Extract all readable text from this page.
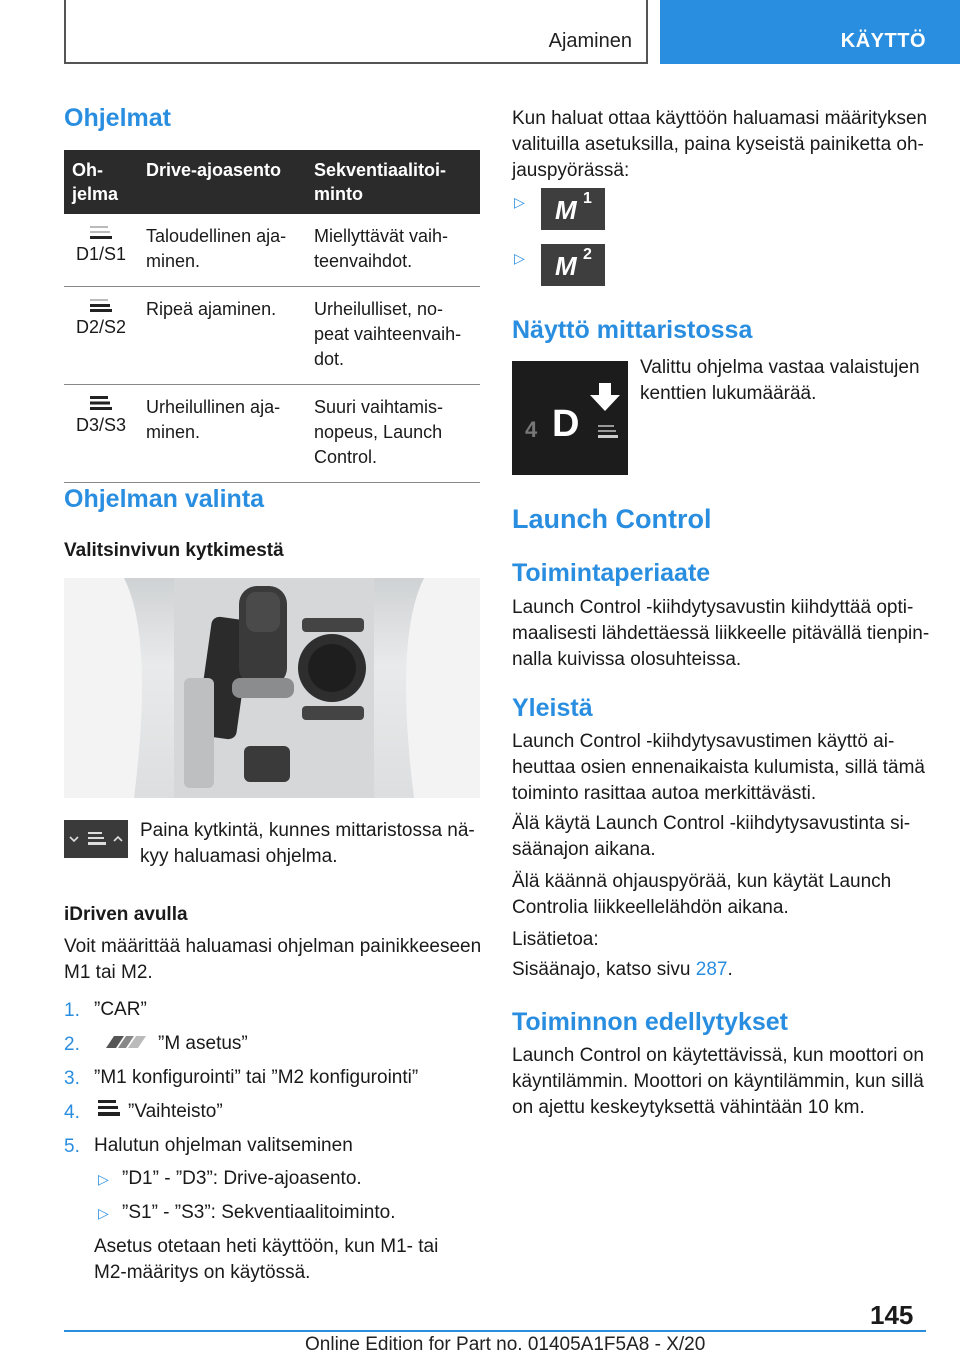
Ajaminen	KÄYTTÖ
Ohjelmat
Oh-
jelma	Drive-ajoasento	Sekventiaalitoi-
minto

D1/S1	Taloudellinen aja-
minen.	Miellyttävät vaih-
teenvaihdot.

D2/S2	Ripeä ajaminen.	Urheilulliset, no-
peat vaihteenvaih-
dot.

D3/S3	Urheilullinen aja-
minen.	Suuri vaihtamis-
nopeus, Launch
Control.
Ohjelman valinta
Valitsinvivun kytkimestä
Paina kytkintä, kunnes mittaristossa nä-
kyy haluamasi ohjelma.
iDriven avulla
Voit määrittää haluamasi ohjelman painikkeeseen
M1 tai M2.
1. ”CAR”
2.	”M asetus”
3. ”M1 konfigurointi” tai ”M2 konfigurointi”
4.	”Vaihteisto”
5. Halutun ohjelman valitseminen
▷ ”D1” - ”D3”: Drive-ajoasento.
▷ ”S1” - ”S3”: Sekventiaalitoiminto.
Asetus otetaan heti käyttöön, kun M1- tai
M2-määritys on käytössä.
Kun haluat ottaa käyttöön haluamasi määrityksen
valituilla asetuksilla, paina kyseistä painiketta oh-
jauspyörässä:
▷ M 1
▷ M 2
Näyttö mittaristossa
4 D
Valittu ohjelma vastaa valaistujen
kenttien lukumäärää.
Launch Control
Toimintaperiaate
Launch Control -kiihdytysavustin kiihdyttää opti-
maalisesti lähdettäessä liikkeelle pitävällä tienpin-
nalla kuivissa olosuhteissa.
Yleistä
Launch Control -kiihdytysavustimen käyttö ai-
heuttaa osien ennenaikaista kulumista, sillä tämä
toiminto rasittaa autoa merkittävästi.
Älä käytä Launch Control -kiihdytysavustinta si-
säänajon aikana.
Älä käännä ohjauspyörää, kun käytät Launch
Controlia liikkeellelähdön aikana.
Lisätietoa:
Sisäänajo, katso sivu 287.
Toiminnon edellytykset
Launch Control on käytettävissä, kun moottori on
käyntilämmin. Moottori on käyntilämmin, kun sillä
on ajettu keskeytyksettä vähintään 10 km.
145
Online Edition for Part no. 01405A1F5A8 - X/20
